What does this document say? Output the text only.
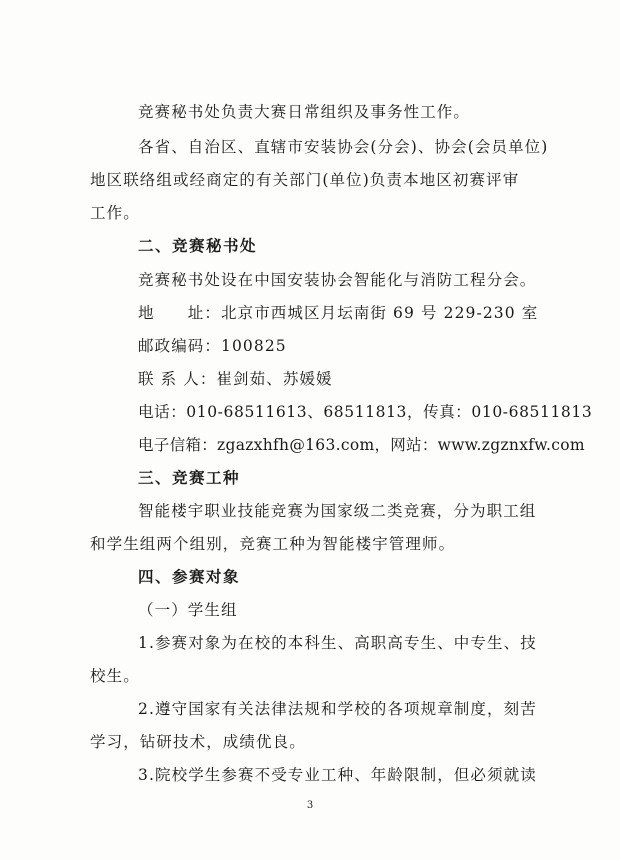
竞赛秘书处负责大赛日常组织及事务性工作。
各省、自治区、直辖市安装协会(分会)、协会(会员单位)
地区联络组或经商定的有关部门(单位)负责本地区初赛评审
工作。
二、竞赛秘书处
竞赛秘书处设在中国安装协会智能化与消防工程分会。
地　　址：北京市西城区月坛南街 69 号 229-230 室
邮政编码：100825
联 系 人：崔剑茹、苏媛媛
电话：010-68511613、68511813，传真：010-68511813
电子信箱：zgazxhfh@163.com，网站：www.zgznxfw.com
三、竞赛工种
智能楼宇职业技能竞赛为国家级二类竞赛，分为职工组
和学生组两个组别，竞赛工种为智能楼宇管理师。
四、参赛对象
（一）学生组
1.参赛对象为在校的本科生、高职高专生、中专生、技
校生。
2.遵守国家有关法律法规和学校的各项规章制度，刻苦
学习，钻研技术，成绩优良。
3.院校学生参赛不受专业工种、年龄限制，但必须就读
3
